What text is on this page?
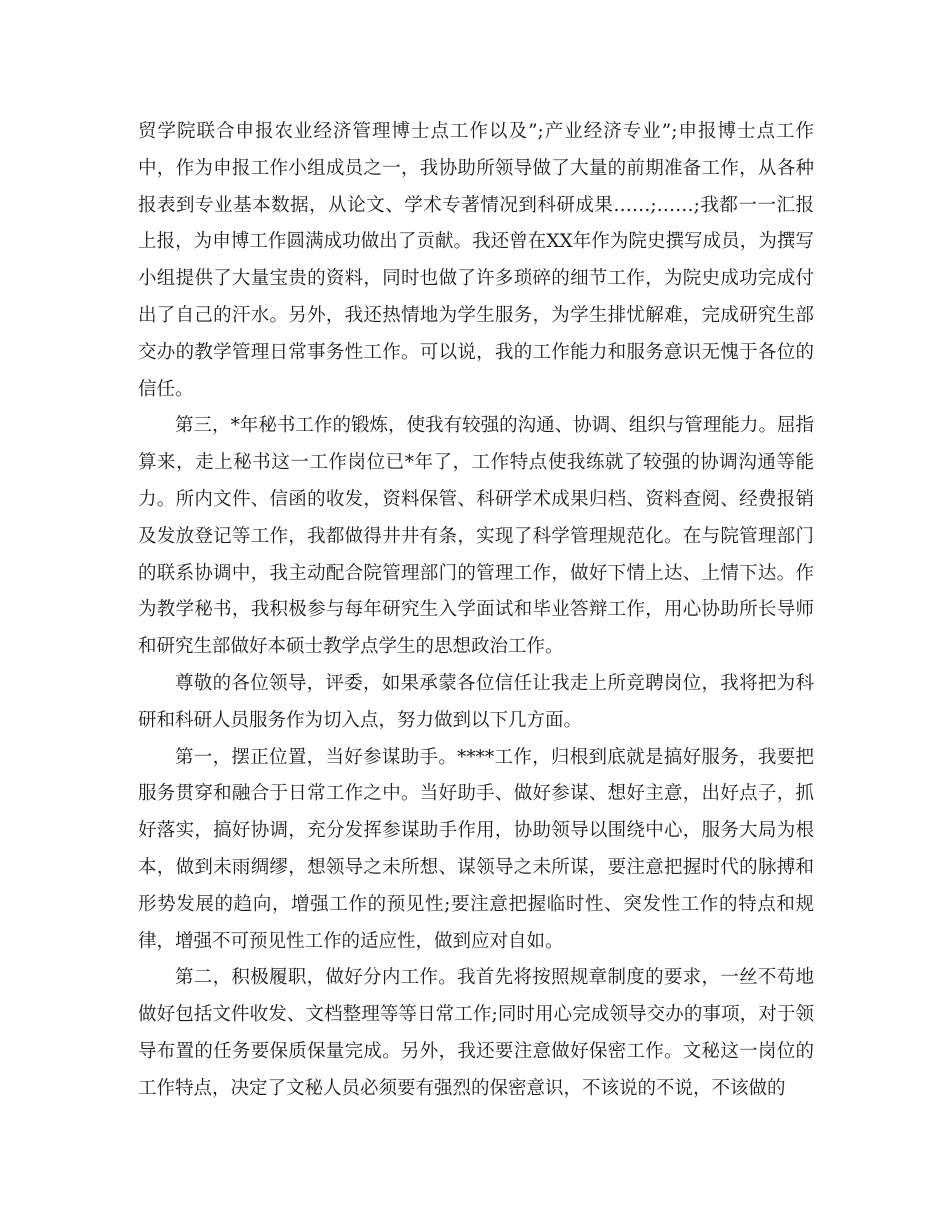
贸学院联合申报农业经济管理博士点工作以及”;产业经济专业”;申报博士点工作中，作为申报工作小组成员之一，我协助所领导做了大量的前期准备工作，从各种报表到专业基本数据，从论文、学术专著情况到科研成果……;……;我都一一汇报上报，为申博工作圆满成功做出了贡献。我还曾在XX年作为院史撰写成员，为撰写小组提供了大量宝贵的资料，同时也做了许多琐碎的细节工作，为院史成功完成付出了自己的汗水。另外，我还热情地为学生服务，为学生排忧解难，完成研究生部交办的教学管理日常事务性工作。可以说，我的工作能力和服务意识无愧于各位的信任。

第三，*年秘书工作的锻炼，使我有较强的沟通、协调、组织与管理能力。屈指算来，走上秘书这一工作岗位已*年了，工作特点使我练就了较强的协调沟通等能力。所内文件、信函的收发，资料保管、科研学术成果归档、资料查阅、经费报销及发放登记等工作，我都做得井井有条，实现了科学管理规范化。在与院管理部门的联系协调中，我主动配合院管理部门的管理工作，做好下情上达、上情下达。作为教学秘书，我积极参与每年研究生入学面试和毕业答辩工作，用心协助所长导师和研究生部做好本硕士教学点学生的思想政治工作。

尊敬的各位领导，评委，如果承蒙各位信任让我走上所竞聘岗位，我将把为科研和科研人员服务作为切入点，努力做到以下几方面。

第一，摆正位置，当好参谋助手。****工作，归根到底就是搞好服务，我要把服务贯穿和融合于日常工作之中。当好助手、做好参谋、想好主意，出好点子，抓好落实，搞好协调，充分发挥参谋助手作用，协助领导以围绕中心，服务大局为根本，做到未雨绸缪，想领导之未所想、谋领导之未所谋，要注意把握时代的脉搏和形势发展的趋向，增强工作的预见性;要注意把握临时性、突发性工作的特点和规律，增强不可预见性工作的适应性，做到应对自如。

第二，积极履职，做好分内工作。我首先将按照规章制度的要求，一丝不苟地做好包括文件收发、文档整理等等日常工作;同时用心完成领导交办的事项，对于领导布置的任务要保质保量完成。另外，我还要注意做好保密工作。文秘这一岗位的工作特点，决定了文秘人员必须要有强烈的保密意识，不该说的不说，不该做的
